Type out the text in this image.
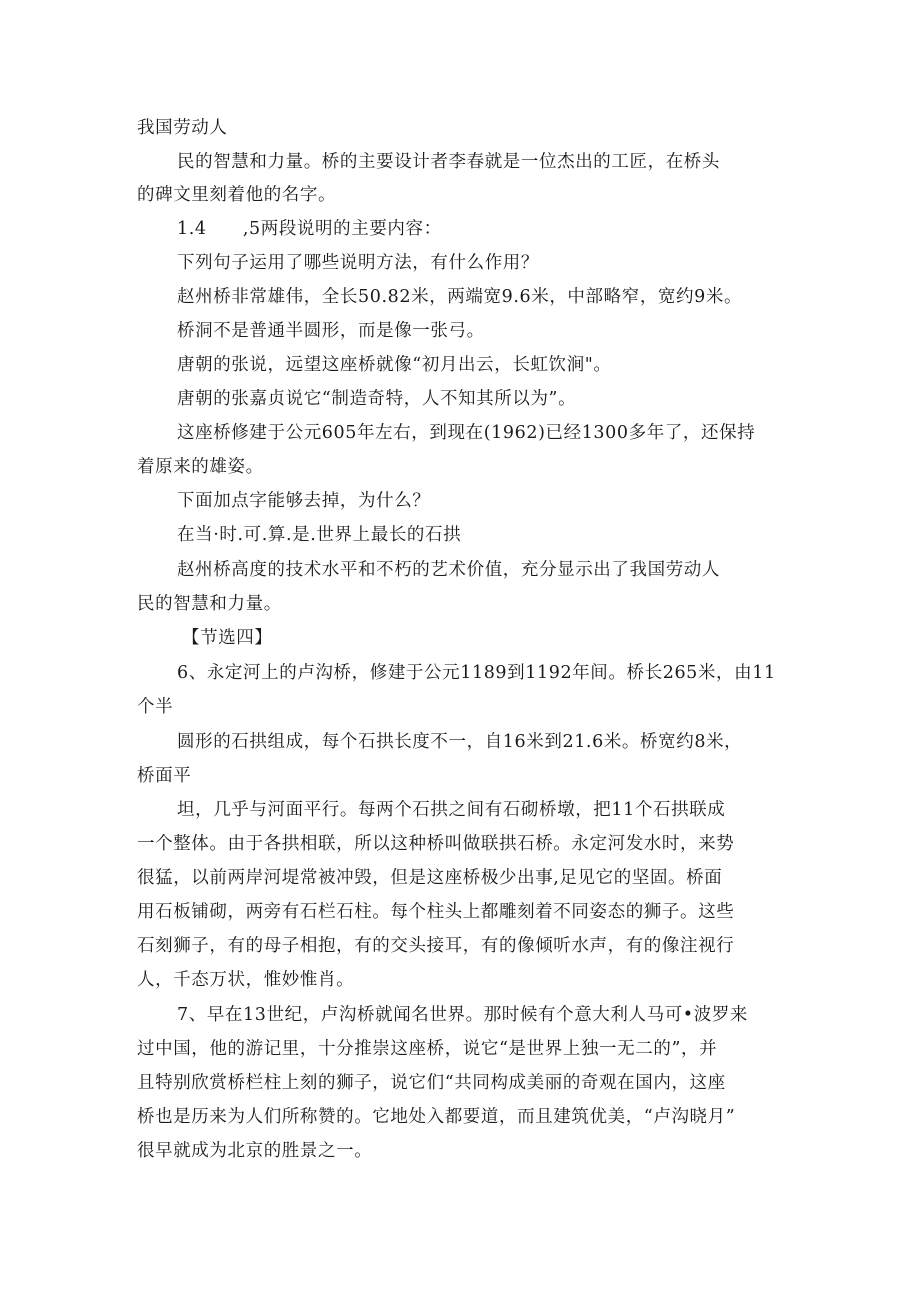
我国劳动人
民的智慧和力量。桥的主要设计者李春就是一位杰出的工匠，在桥头
的碑文里刻着他的名字。
1.4　　,5两段说明的主要内容：
下列句子运用了哪些说明方法，有什么作用？
赵州桥非常雄伟，全长50.82米，两端宽9.6米，中部略窄，宽约9米。
桥洞不是普通半圆形，而是像一张弓。
唐朝的张说，远望这座桥就像“初月出云，长虹饮涧"。
唐朝的张嘉贞说它“制造奇特，人不知其所以为”。
这座桥修建于公元605年左右，到现在(1962)已经1300多年了，还保持
着原来的雄姿。
下面加点字能够去掉，为什么？
在当·时.可.算.是.世界上最长的石拱
赵州桥高度的技术水平和不朽的艺术价值，充分显示出了我国劳动人
民的智慧和力量。
【节选四】
6、永定河上的卢沟桥，修建于公元1189到1192年间。桥长265米，由11
个半
圆形的石拱组成，每个石拱长度不一，自16米到21.6米。桥宽约8米，
桥面平
坦，几乎与河面平行。每两个石拱之间有石砌桥墩，把11个石拱联成
一个整体。由于各拱相联，所以这种桥叫做联拱石桥。永定河发水时，来势
很猛，以前两岸河堤常被冲毁，但是这座桥极少出事,足见它的坚固。桥面
用石板铺砌，两旁有石栏石柱。每个柱头上都雕刻着不同姿态的狮子。这些
石刻狮子，有的母子相抱，有的交头接耳，有的像倾听水声，有的像注视行
人，千态万状，惟妙惟肖。
7、早在13世纪，卢沟桥就闻名世界。那时候有个意大利人马可•波罗来
过中国，他的游记里，十分推崇这座桥，说它“是世界上独一无二的”，并
且特别欣赏桥栏柱上刻的狮子，说它们“共同构成美丽的奇观在国内，这座
桥也是历来为人们所称赞的。它地处入都要道，而且建筑优美，“卢沟晓月”
很早就成为北京的胜景之一。
